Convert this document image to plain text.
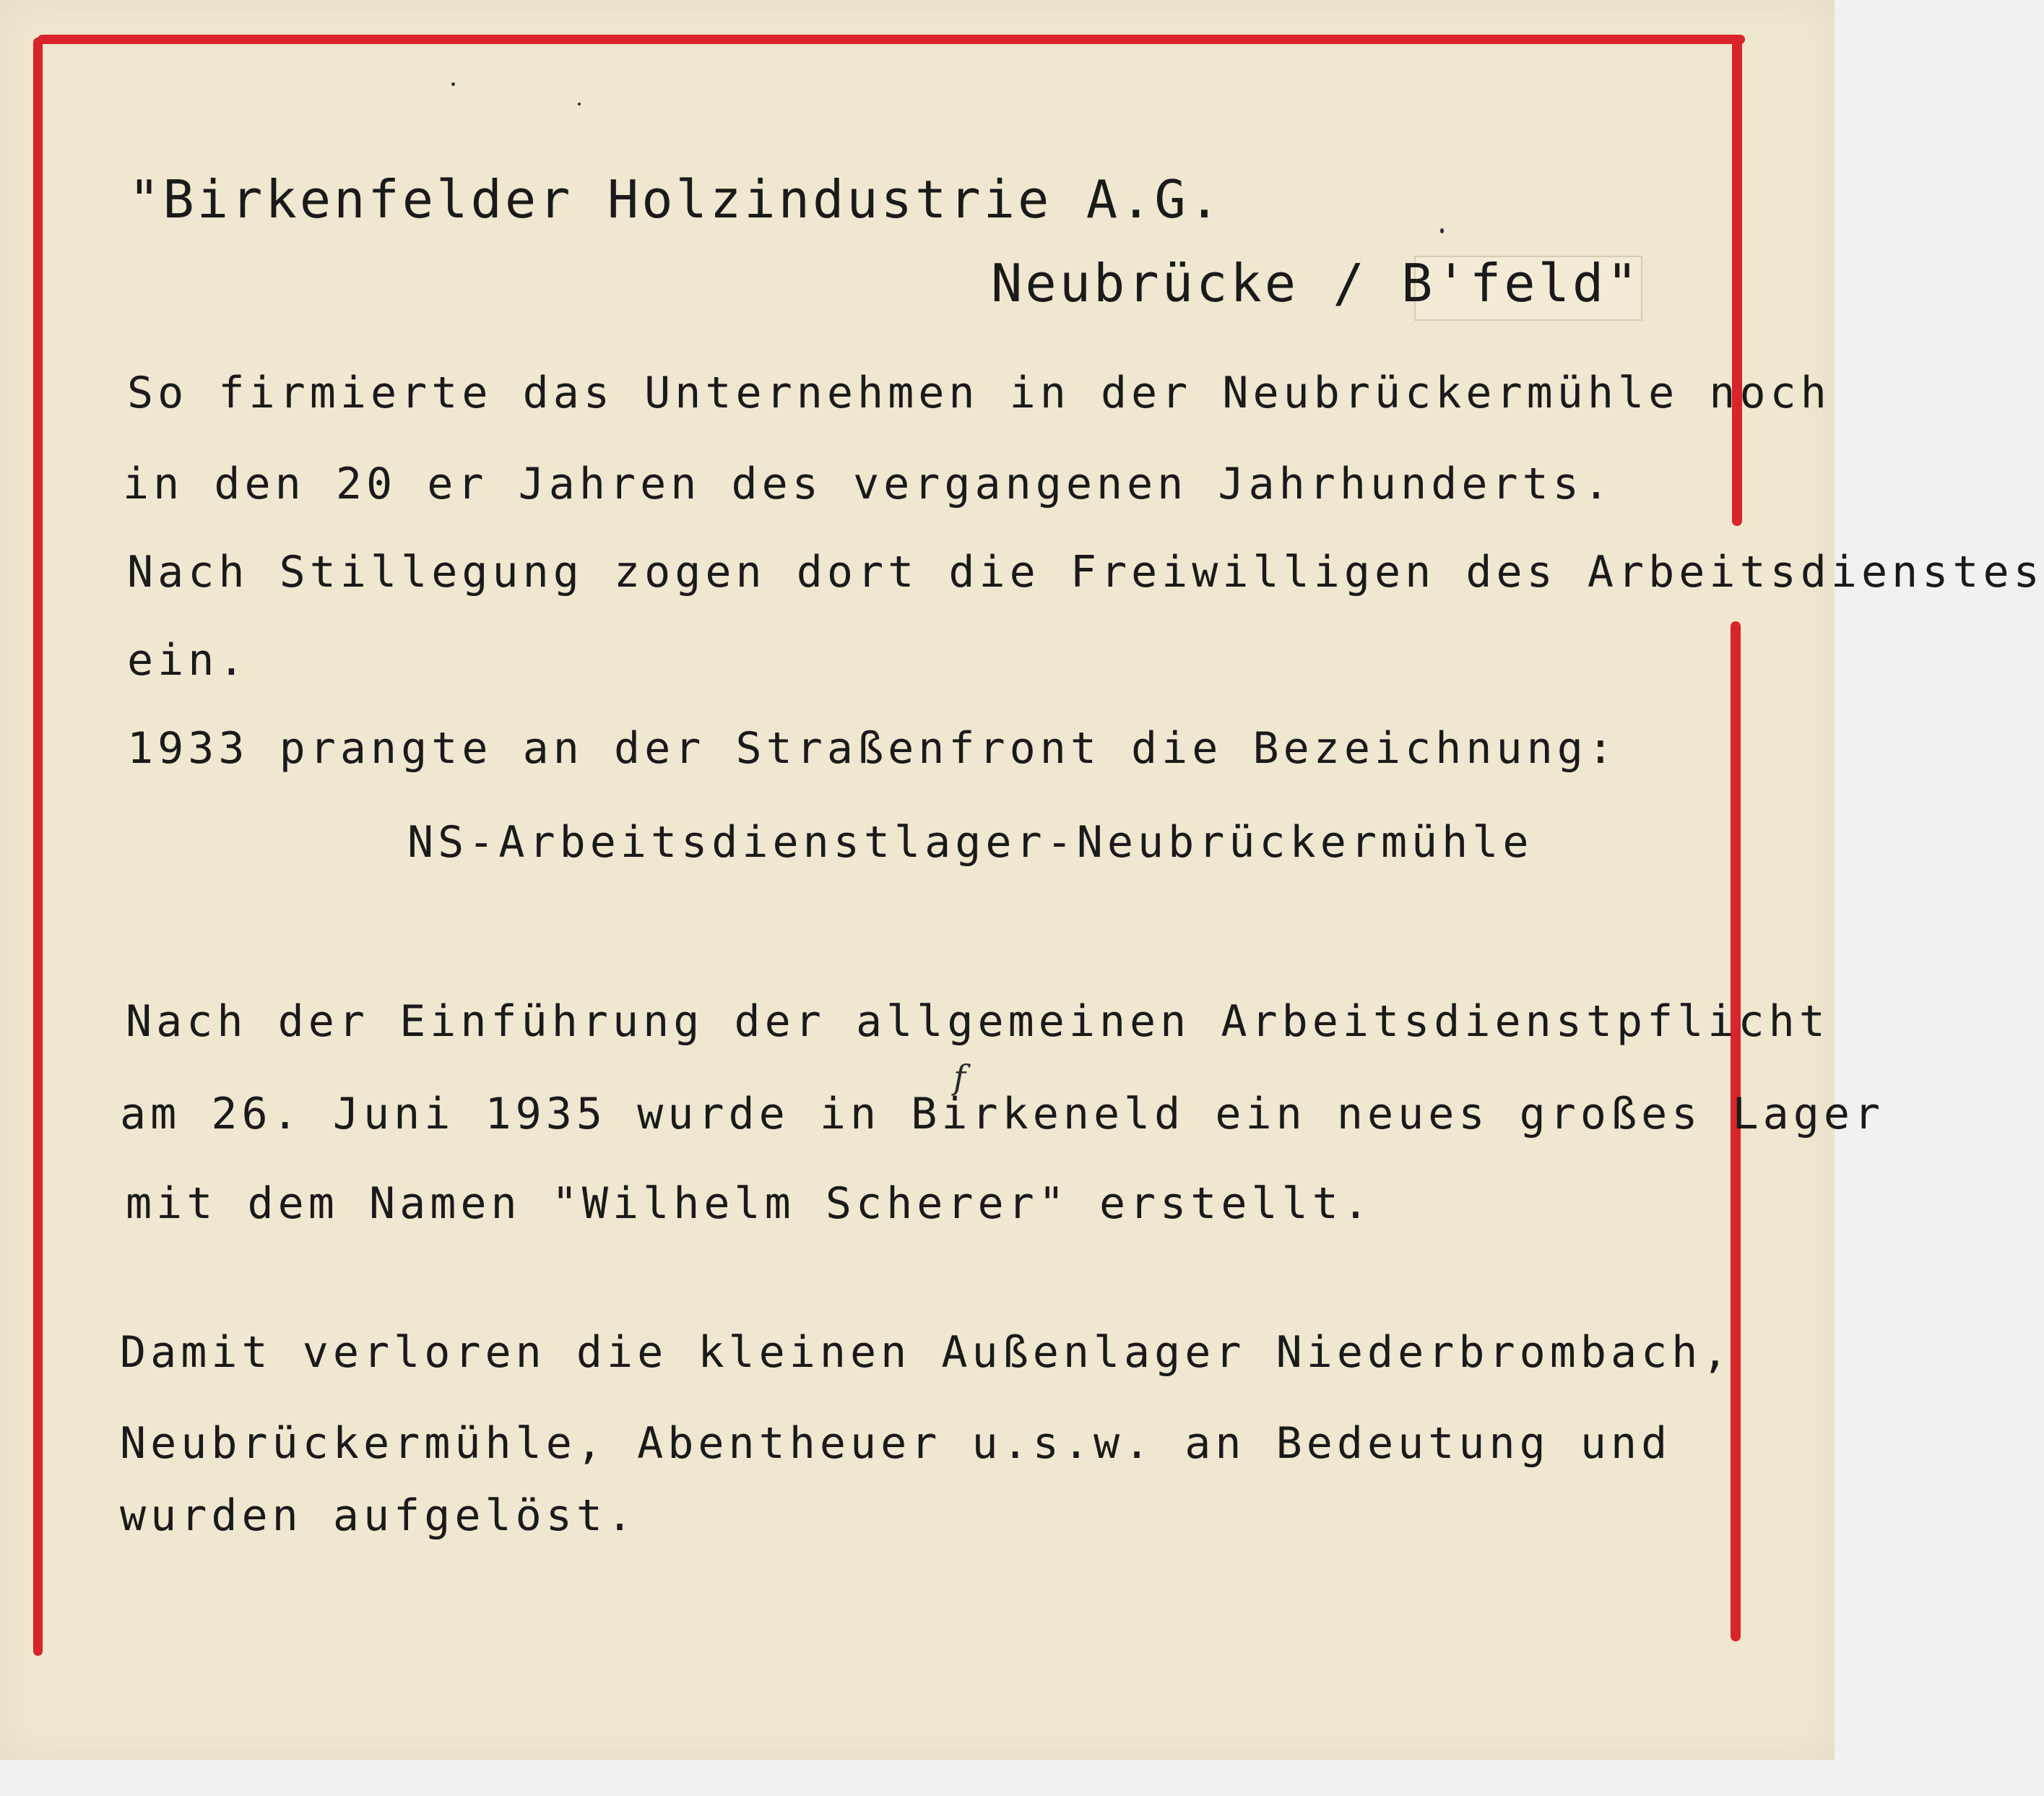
"Birkenfelder Holzindustrie A.G.

Neubrücke / B'feld"

So firmierte das Unternehmen in der Neubrückermühle noch

in den 20 er Jahren des vergangenen Jahrhunderts.

Nach Stillegung zogen dort die Freiwilligen des Arbeitsdienstes

ein.

1933 prangte an der Straßenfront die Bezeichnung:

NS-Arbeitsdienstlager-Neubrückermühle

Nach der Einführung der allgemeinen Arbeitsdienstpflicht

am 26. Juni 1935 wurde in Birkeneld ein neues großes Lager

mit dem Namen "Wilhelm Scherer" erstellt.

Damit verloren die kleinen Außenlager Niederbrombach,

Neubrückermühle, Abentheuer u.s.w. an Bedeutung und

wurden aufgelöst.

f
